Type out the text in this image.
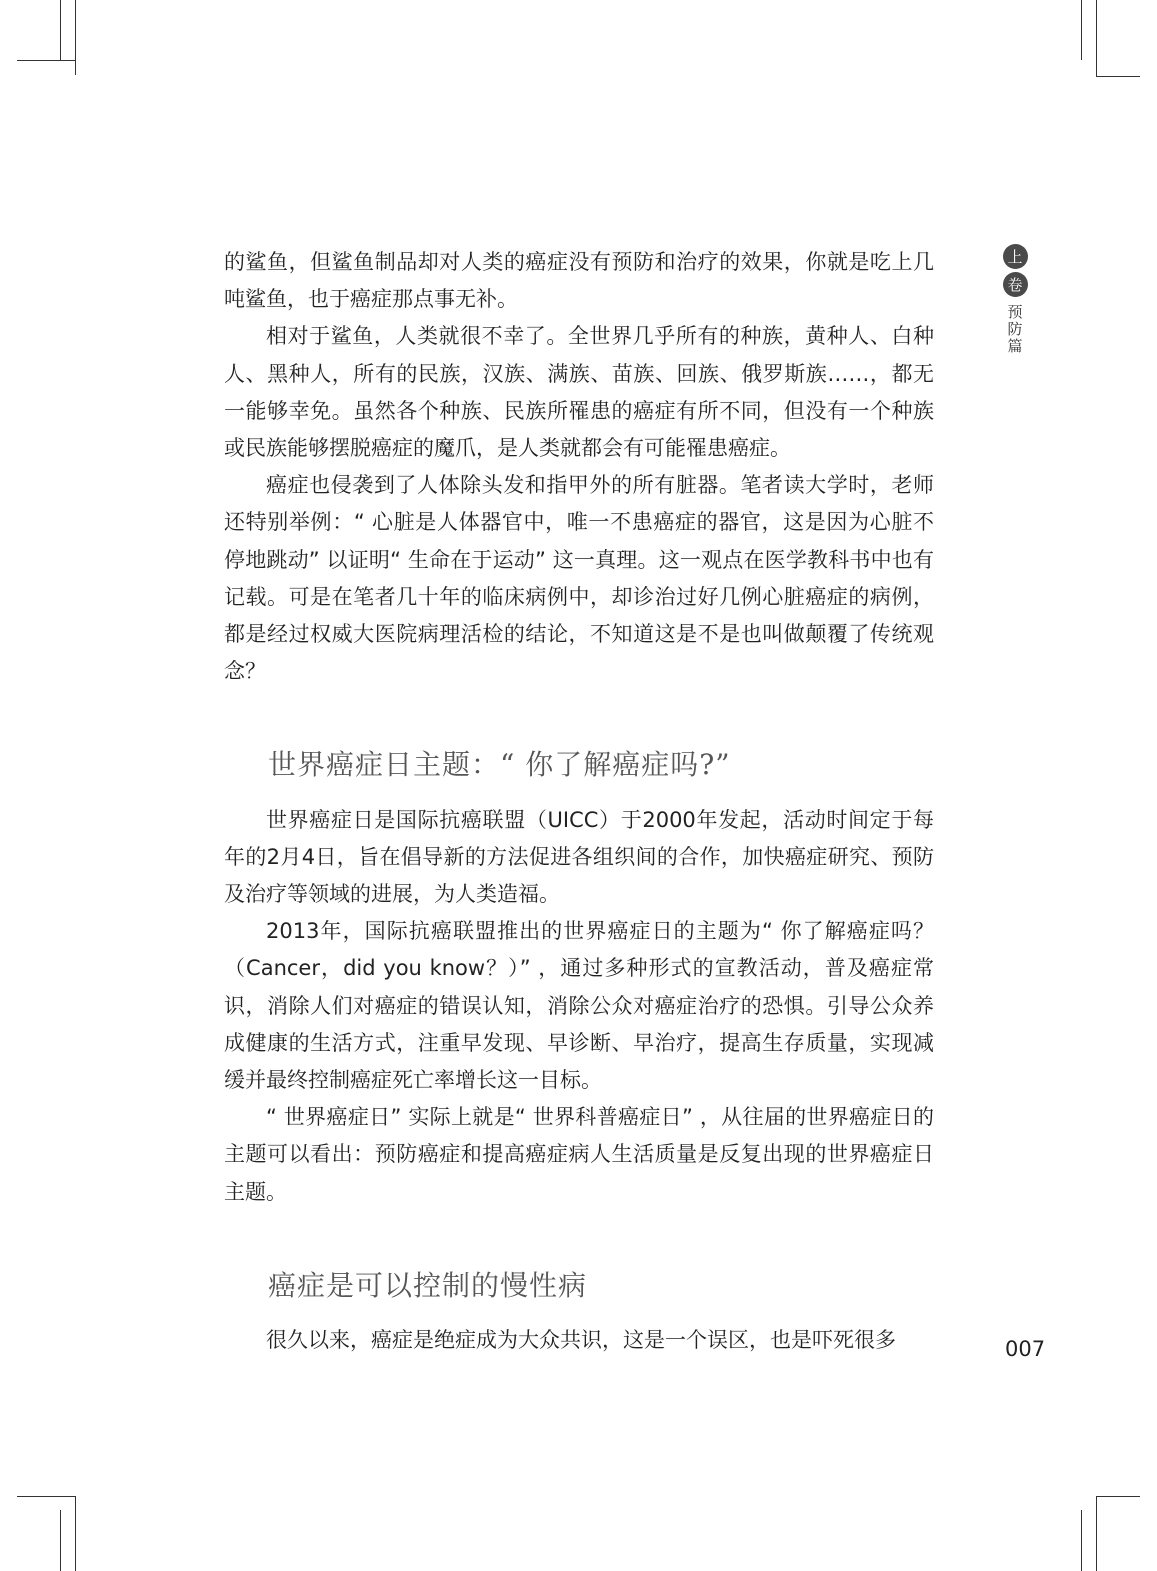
上
卷
预
防
篇

的鲨鱼，但鲨鱼制品却对人类的癌症没有预防和治疗的效果，你就是吃上几吨鲨鱼，也于癌症那点事无补。

相对于鲨鱼，人类就很不幸了。全世界几乎所有的种族，黄种人、白种人、黑种人，所有的民族，汉族、满族、苗族、回族、俄罗斯族……，都无一能够幸免。虽然各个种族、民族所罹患的癌症有所不同，但没有一个种族或民族能够摆脱癌症的魔爪，是人类就都会有可能罹患癌症。

癌症也侵袭到了人体除头发和指甲外的所有脏器。笔者读大学时，老师还特别举例：“ 心脏是人体器官中，唯一不患癌症的器官，这是因为心脏不停地跳动” 以证明“ 生命在于运动” 这一真理。这一观点在医学教科书中也有记载。可是在笔者几十年的临床病例中，却诊治过好几例心脏癌症的病例，都是经过权威大医院病理活检的结论，不知道这是不是也叫做颠覆了传统观念？

世界癌症日主题：“ 你了解癌症吗?”

世界癌症日是国际抗癌联盟（UICC）于2000年发起，活动时间定于每年的2月4日，旨在倡导新的方法促进各组织间的合作，加快癌症研究、预防及治疗等领域的进展，为人类造福。

2013年，国际抗癌联盟推出的世界癌症日的主题为“ 你了解癌症吗？（Cancer，did you know？）” ，通过多种形式的宣教活动，普及癌症常识，消除人们对癌症的错误认知，消除公众对癌症治疗的恐惧。引导公众养成健康的生活方式，注重早发现、早诊断、早治疗，提高生存质量，实现减缓并最终控制癌症死亡率增长这一目标。

“ 世界癌症日” 实际上就是“ 世界科普癌症日” ，从往届的世界癌症日的主题可以看出：预防癌症和提高癌症病人生活质量是反复出现的世界癌症日主题。

癌症是可以控制的慢性病

很久以来，癌症是绝症成为大众共识，这是一个误区，也是吓死很多	007
